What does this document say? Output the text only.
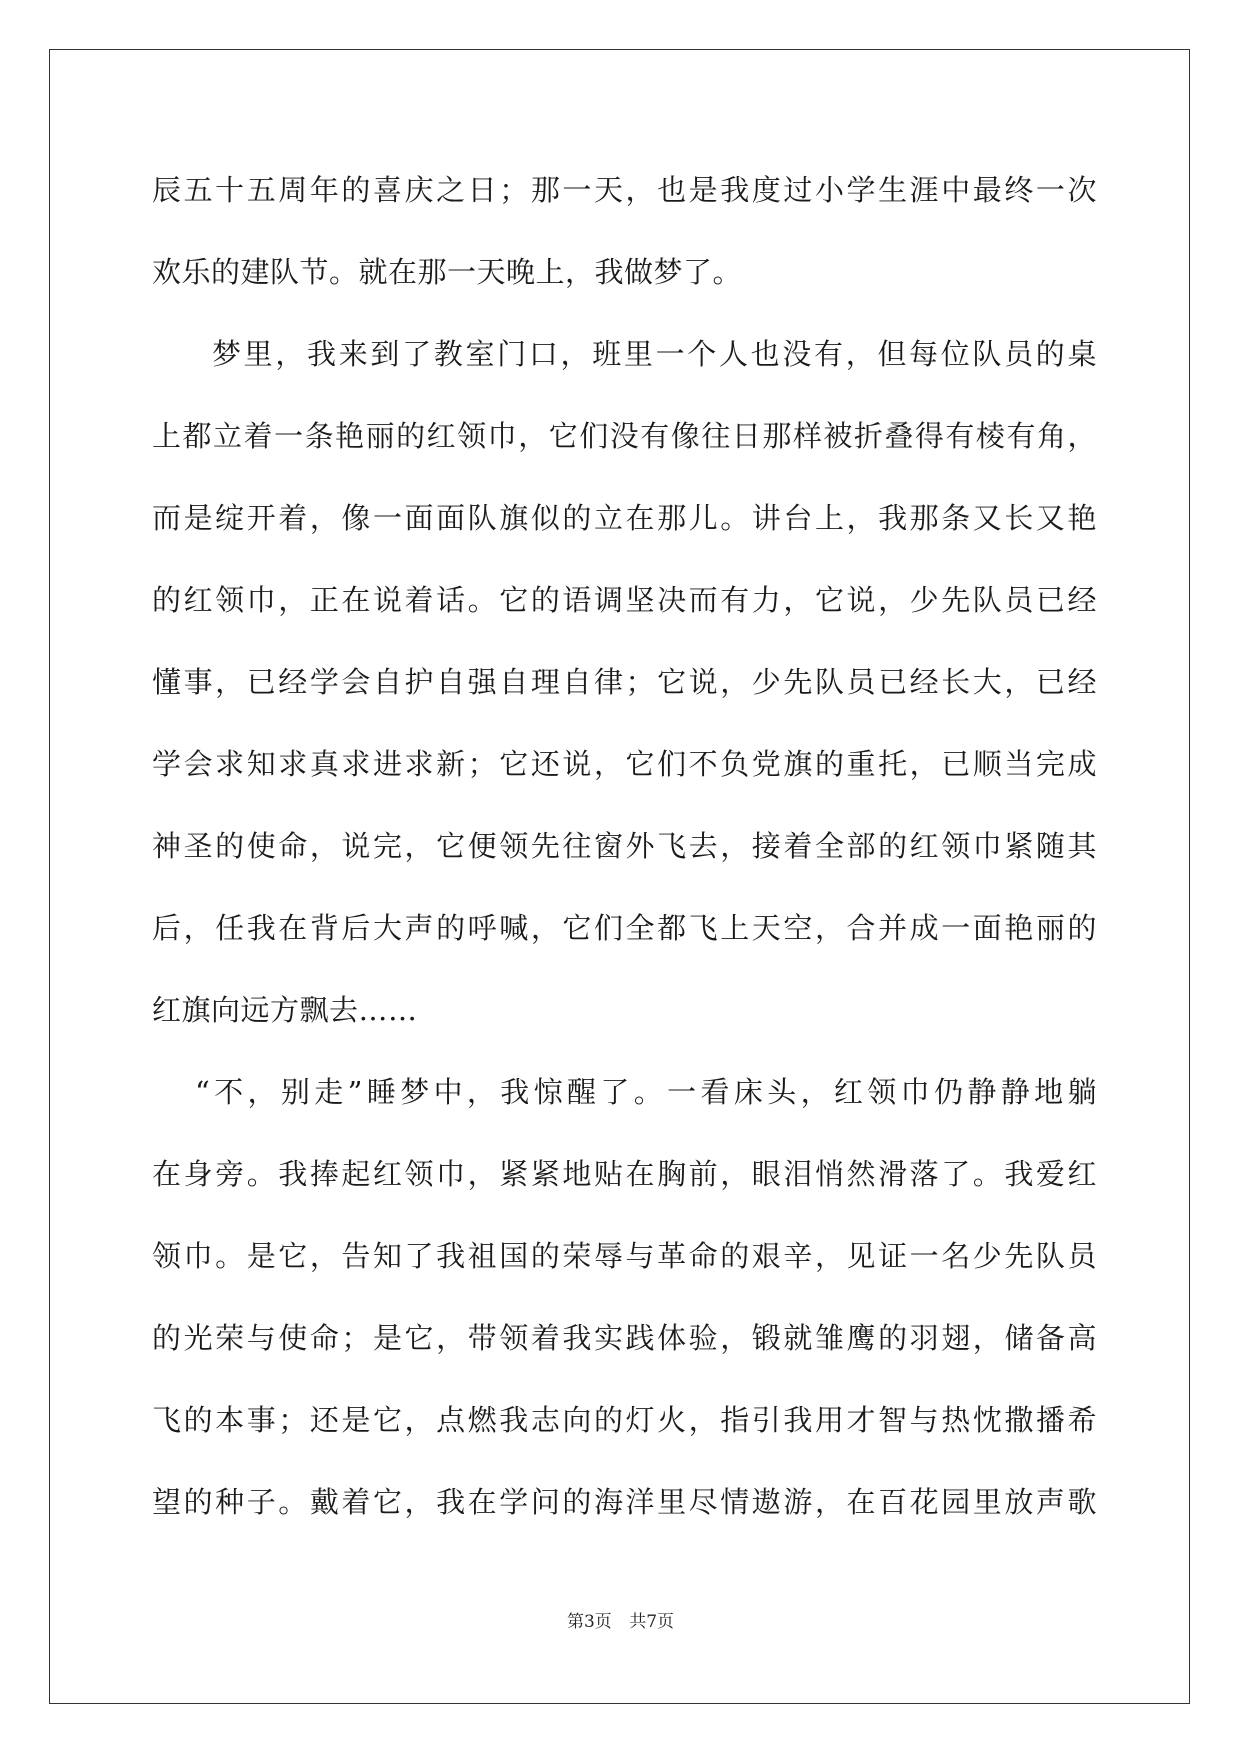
辰五十五周年的喜庆之日；那一天，也是我度过小学生涯中最终一次
欢乐的建队节。就在那一天晚上，我做梦了。
梦里，我来到了教室门口，班里一个人也没有，但每位队员的桌
上都立着一条艳丽的红领巾，它们没有像往日那样被折叠得有棱有角，
而是绽开着，像一面面队旗似的立在那儿。讲台上，我那条又长又艳
的红领巾，正在说着话。它的语调坚决而有力，它说，少先队员已经
懂事，已经学会自护自强自理自律；它说，少先队员已经长大，已经
学会求知求真求进求新；它还说，它们不负党旗的重托，已顺当完成
神圣的使命，说完，它便领先往窗外飞去，接着全部的红领巾紧随其
后，任我在背后大声的呼喊，它们全都飞上天空，合并成一面艳丽的
红旗向远方飘去……
“不，别走”睡梦中，我惊醒了。一看床头，红领巾仍静静地躺
在身旁。我捧起红领巾，紧紧地贴在胸前，眼泪悄然滑落了。我爱红
领巾。是它，告知了我祖国的荣辱与革命的艰辛，见证一名少先队员
的光荣与使命；是它，带领着我实践体验，锻就雏鹰的羽翅，储备高
飞的本事；还是它，点燃我志向的灯火，指引我用才智与热忱撒播希
望的种子。戴着它，我在学问的海洋里尽情遨游，在百花园里放声歌
第3页 共7页
